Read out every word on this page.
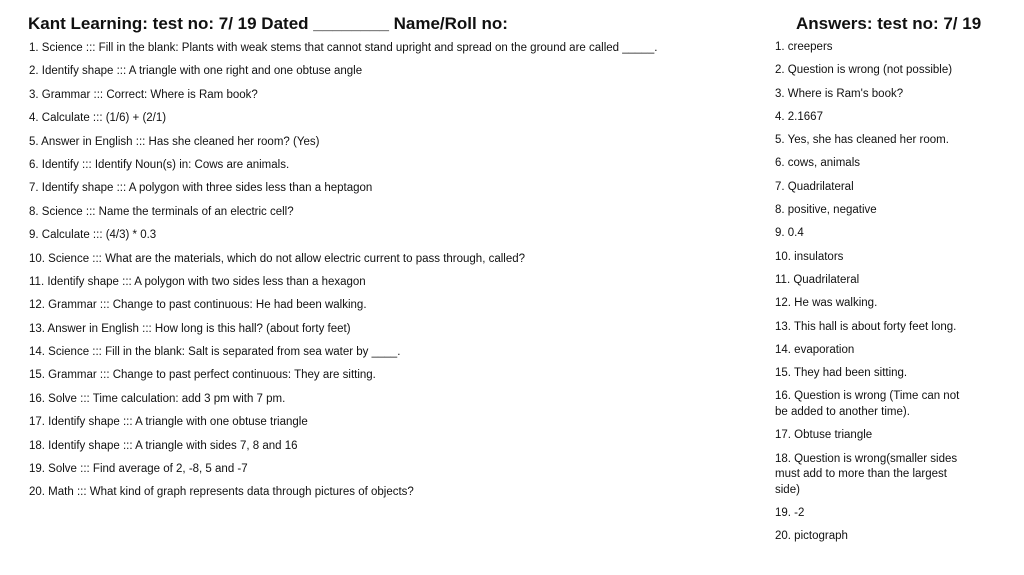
Kant Learning: test no: 7/ 19 Dated ________ Name/Roll no:	Answers: test no: 7/ 19
1. Science ::: Fill in the blank: Plants with weak stems that cannot stand upright and spread on the ground are called _____.
2. Identify shape ::: A triangle with one right and one obtuse angle
3. Grammar ::: Correct: Where is Ram book?
4. Calculate ::: (1/6) + (2/1)
5. Answer in English ::: Has she cleaned her room? (Yes)
6. Identify ::: Identify Noun(s) in: Cows are animals.
7. Identify shape ::: A polygon with three sides less than a heptagon
8. Science ::: Name the terminals of an electric cell?
9. Calculate ::: (4/3) * 0.3
10. Science ::: What are the materials, which do not allow electric current to pass through, called?
11. Identify shape ::: A polygon with two sides less than a hexagon
12. Grammar ::: Change to past continuous: He had been walking.
13. Answer in English ::: How long is this hall? (about forty feet)
14. Science ::: Fill in the blank: Salt is separated from sea water by ____.
15. Grammar ::: Change to past perfect continuous: They are sitting.
16. Solve ::: Time calculation: add 3 pm with 7 pm.
17. Identify shape ::: A triangle with one obtuse triangle
18. Identify shape ::: A triangle with sides 7, 8 and 16
19. Solve ::: Find average of 2, -8, 5 and -7
20. Math ::: What kind of graph represents data through pictures of objects?
1. creepers
2. Question is wrong (not possible)
3. Where is Ram's book?
4. 2.1667
5. Yes, she has cleaned her room.
6. cows, animals
7. Quadrilateral
8. positive, negative
9. 0.4
10. insulators
11. Quadrilateral
12. He was walking.
13. This hall is about forty feet long.
14. evaporation
15. They had been sitting.
16. Question is wrong (Time can not be added to another time).
17. Obtuse triangle
18. Question is wrong(smaller sides must add to more than the largest side)
19. -2
20. pictograph
